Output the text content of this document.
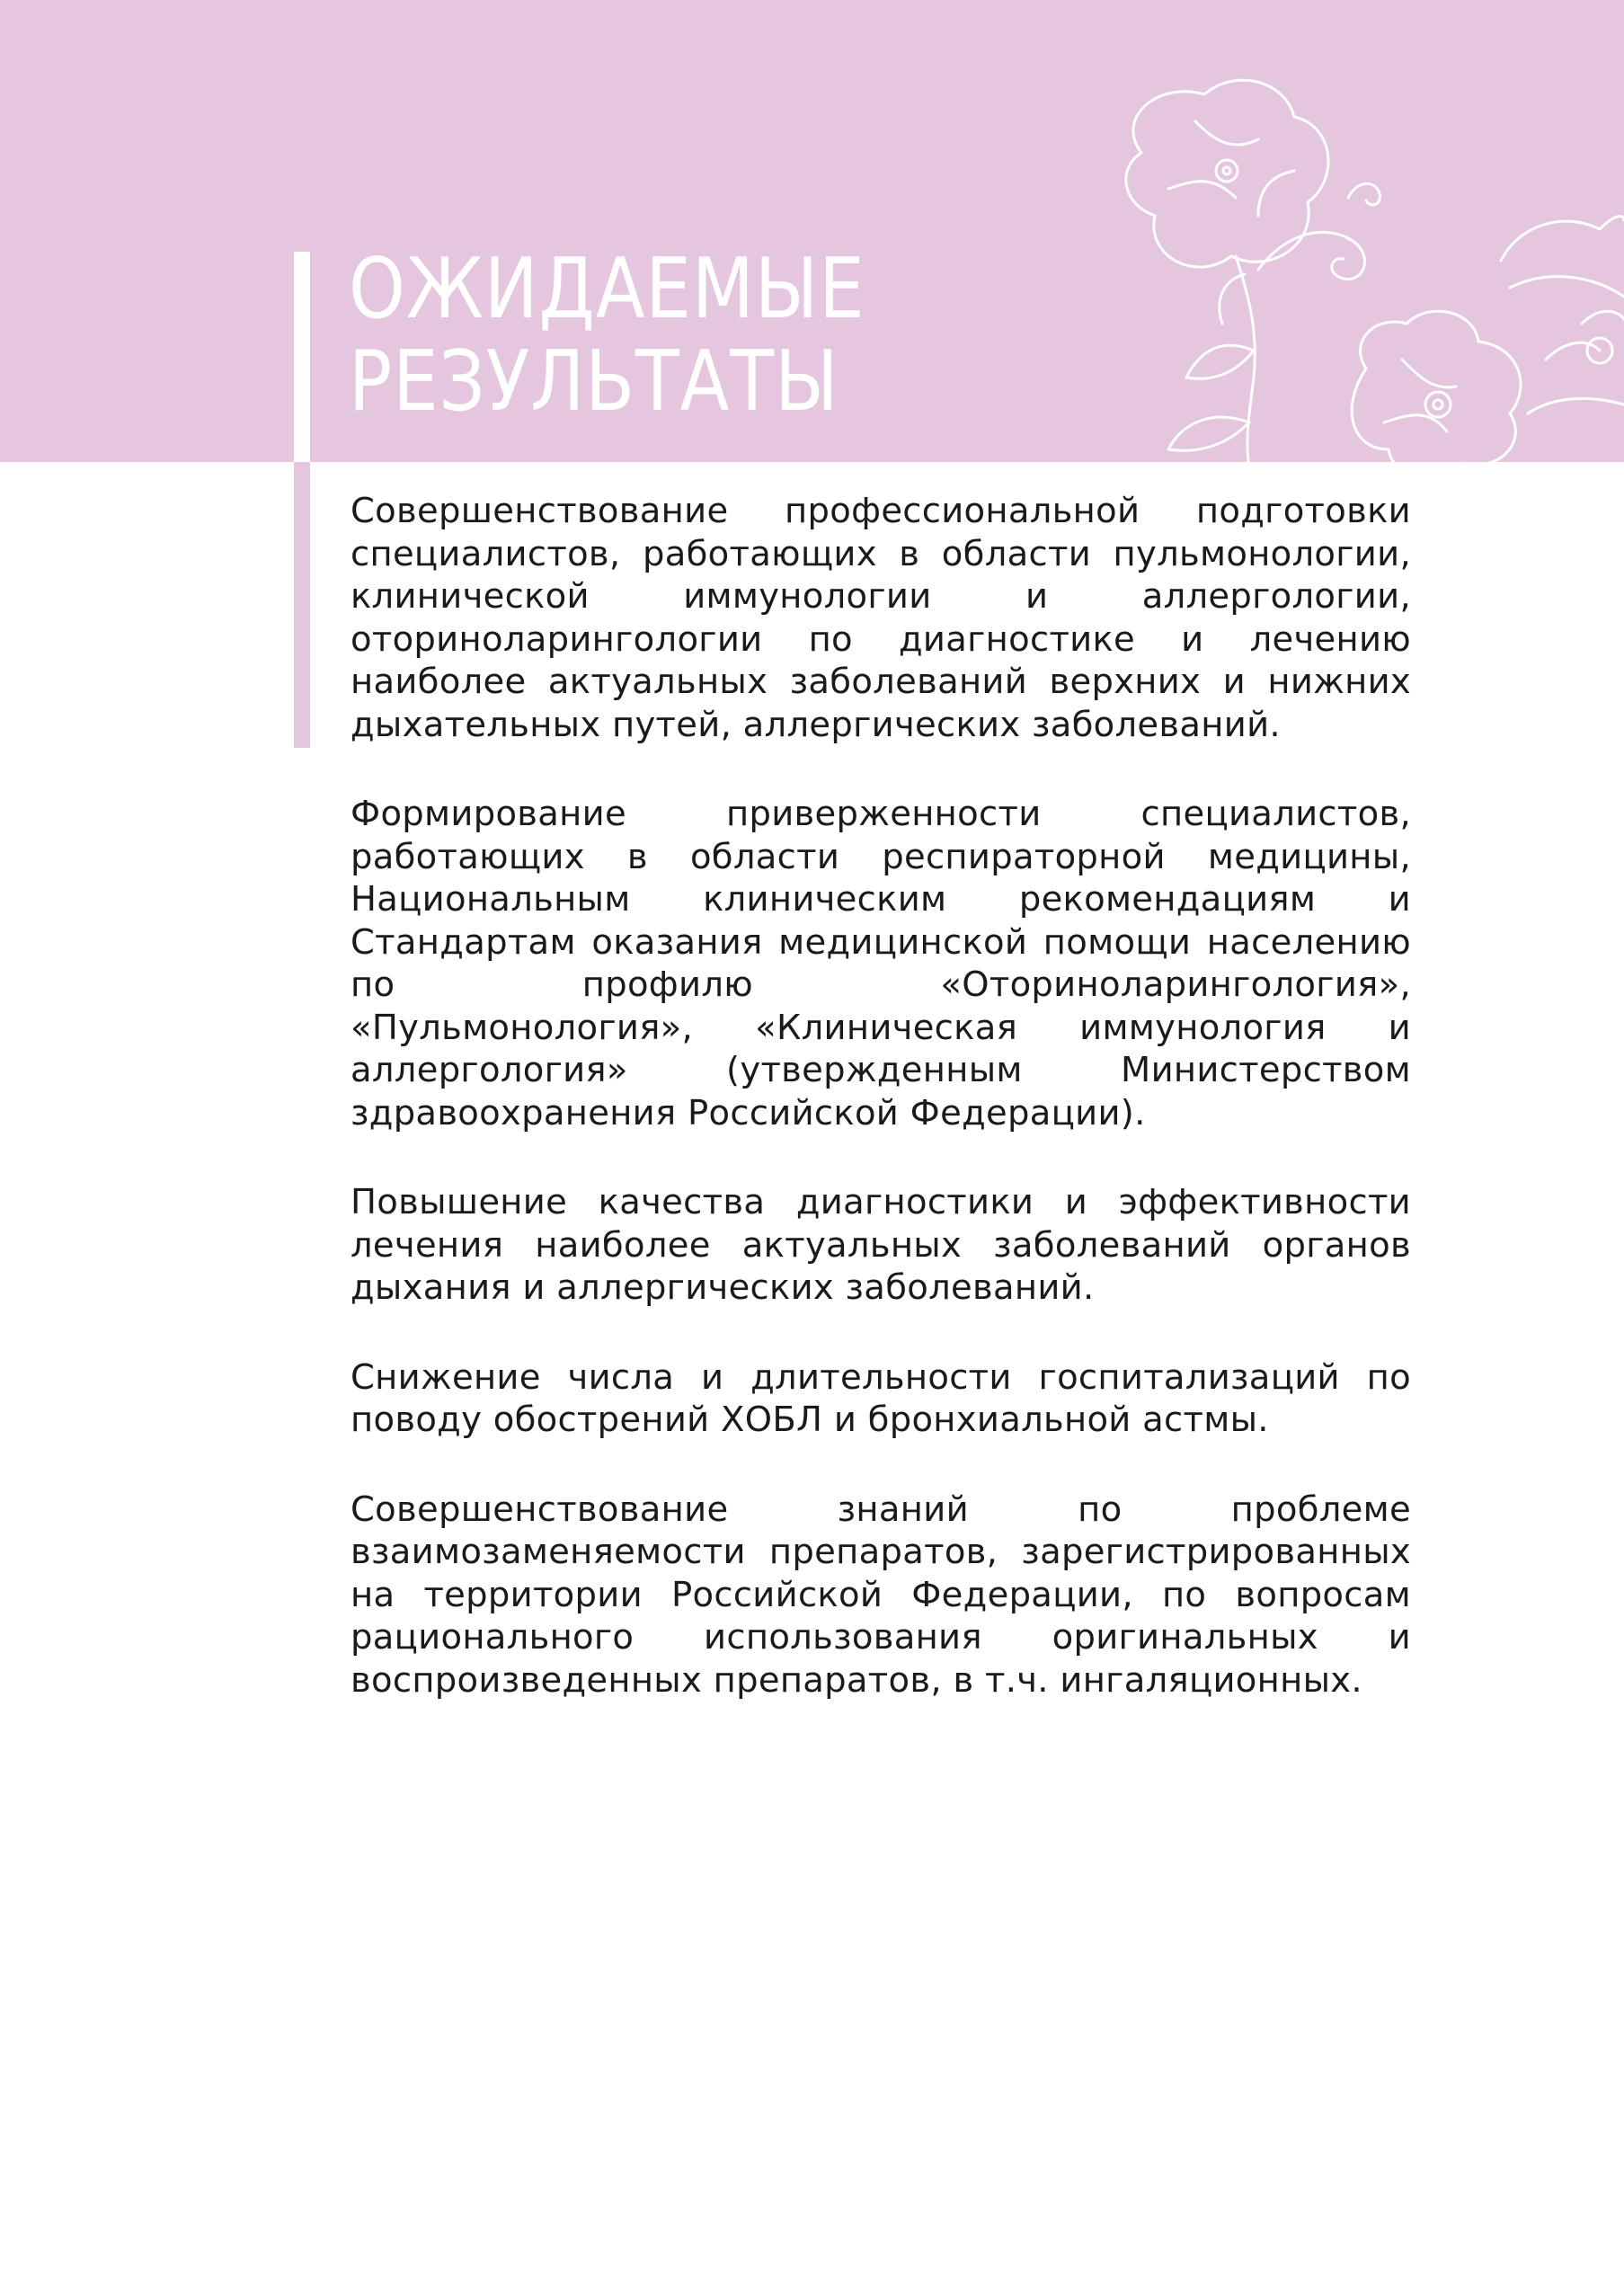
ОЖИДАЕМЫЕ
РЕЗУЛЬТАТЫ

Совершенствование профессиональной подготовки специалистов, работающих в области пульмонологии, клинической иммунологии и аллергологии, оториноларингологии по диагностике и лечению наиболее актуальных заболеваний верхних и нижних дыхательных путей, аллергических заболеваний.

Формирование приверженности специалистов, работающих в области респираторной медицины, Национальным клиническим рекомендациям и Стандартам оказания медицинской помощи населению по профилю «Оториноларингология», «Пульмонология», «Клиническая иммунология и аллергология» (утвержденным Министерством здравоохранения Российской Федерации).

Повышение качества диагностики и эффективности лечения наиболее актуальных заболеваний органов дыхания и аллергических заболеваний.

Снижение числа и длительности госпитализаций по поводу обострений ХОБЛ и бронхиальной астмы.

Совершенствование знаний по проблеме взаимозаменяемости препаратов, зарегистрированных на территории Российской Федерации, по вопросам рационального использования оригинальных и воспроизведенных препаратов, в т.ч. ингаляционных.
